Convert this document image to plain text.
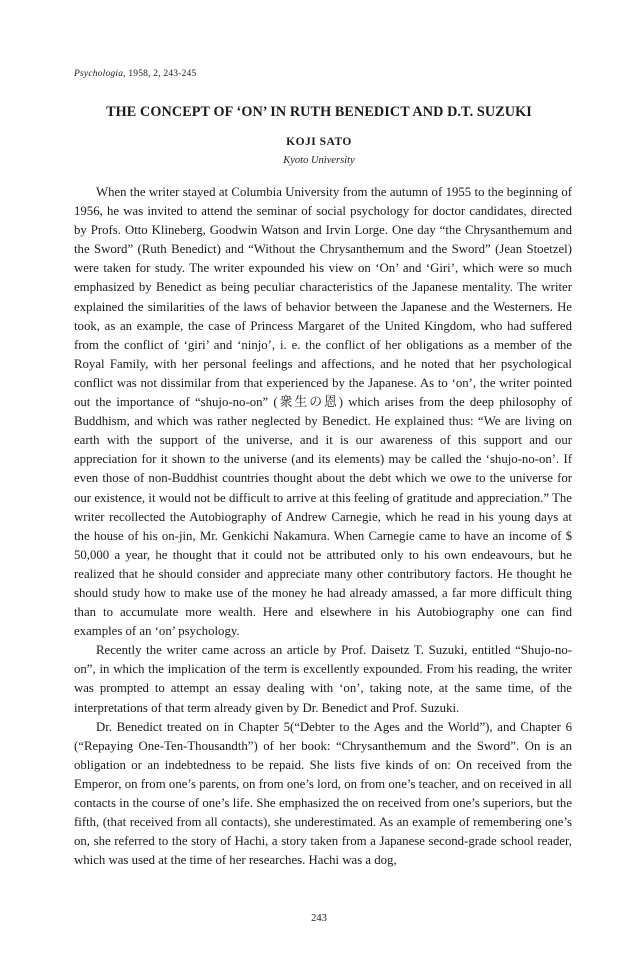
Psychologia, 1958, 2, 243-245
THE CONCEPT OF ‘ON’ IN RUTH BENEDICT AND D.T. SUZUKI
KOJI SATO
Kyoto University

When the writer stayed at Columbia University from the autumn of 1955 to the beginning of 1956, he was invited to attend the seminar of social psychology for doctor candidates, directed by Profs. Otto Klineberg, Goodwin Watson and Irvin Lorge. One day “the Chrysanthemum and the Sword” (Ruth Benedict) and “Without the Chrysanthemum and the Sword” (Jean Stoetzel) were taken for study. The writer expounded his view on ‘On’ and ‘Giri’, which were so much emphasized by Benedict as being peculiar characteristics of the Japanese mentality. The writer explained the similarities of the laws of behavior between the Japanese and the Westerners. He took, as an example, the case of Princess Margaret of the United Kingdom, who had suffered from the conflict of ‘giri’ and ‘ninjo’, i. e. the conflict of her obligations as a member of the Royal Family, with her personal feelings and affections, and he noted that her psychological conflict was not dissimilar from that experienced by the Japanese. As to ‘on’, the writer pointed out the importance of “shujo-no-on” (衆生の恩) which arises from the deep philosophy of Buddhism, and which was rather neglected by Benedict. He explained thus: “We are living on earth with the support of the universe, and it is our awareness of this support and our appreciation for it shown to the universe (and its elements) may be called the ‘shujo-no-on’. If even those of non-Buddhist countries thought about the debt which we owe to the universe for our existence, it would not be difficult to arrive at this feeling of gratitude and appreciation.” The writer recollected the Autobiography of Andrew Carnegie, which he read in his young days at the house of his on-jin, Mr. Genkichi Nakamura. When Carnegie came to have an income of $ 50,000 a year, he thought that it could not be attributed only to his own endeavours, but he realized that he should consider and appreciate many other contributory factors. He thought he should study how to make use of the money he had already amassed, a far more difficult thing than to accumulate more wealth. Here and elsewhere in his Autobiography one can find examples of an ‘on’ psychology.

Recently the writer came across an article by Prof. Daisetz T. Suzuki, entitled “Shujo-no-on”, in which the implication of the term is excellently expounded. From his reading, the writer was prompted to attempt an essay dealing with ‘on’, taking note, at the same time, of the interpretations of that term already given by Dr. Benedict and Prof. Suzuki.

Dr. Benedict treated on in Chapter 5(“Debter to the Ages and the World”), and Chapter 6 (“Repaying One-Ten-Thousandth”) of her book: “Chrysanthemum and the Sword”. On is an obligation or an indebtedness to be repaid. She lists five kinds of on: On received from the Emperor, on from one’s parents, on from one’s lord, on from one’s teacher, and on received in all contacts in the course of one’s life. She emphasized the on received from one’s superiors, but the fifth, (that received from all contacts), she underestimated. As an example of remembering one’s on, she referred to the story of Hachi, a story taken from a Japanese second-grade school reader, which was used at the time of her researches. Hachi was a dog,

243
